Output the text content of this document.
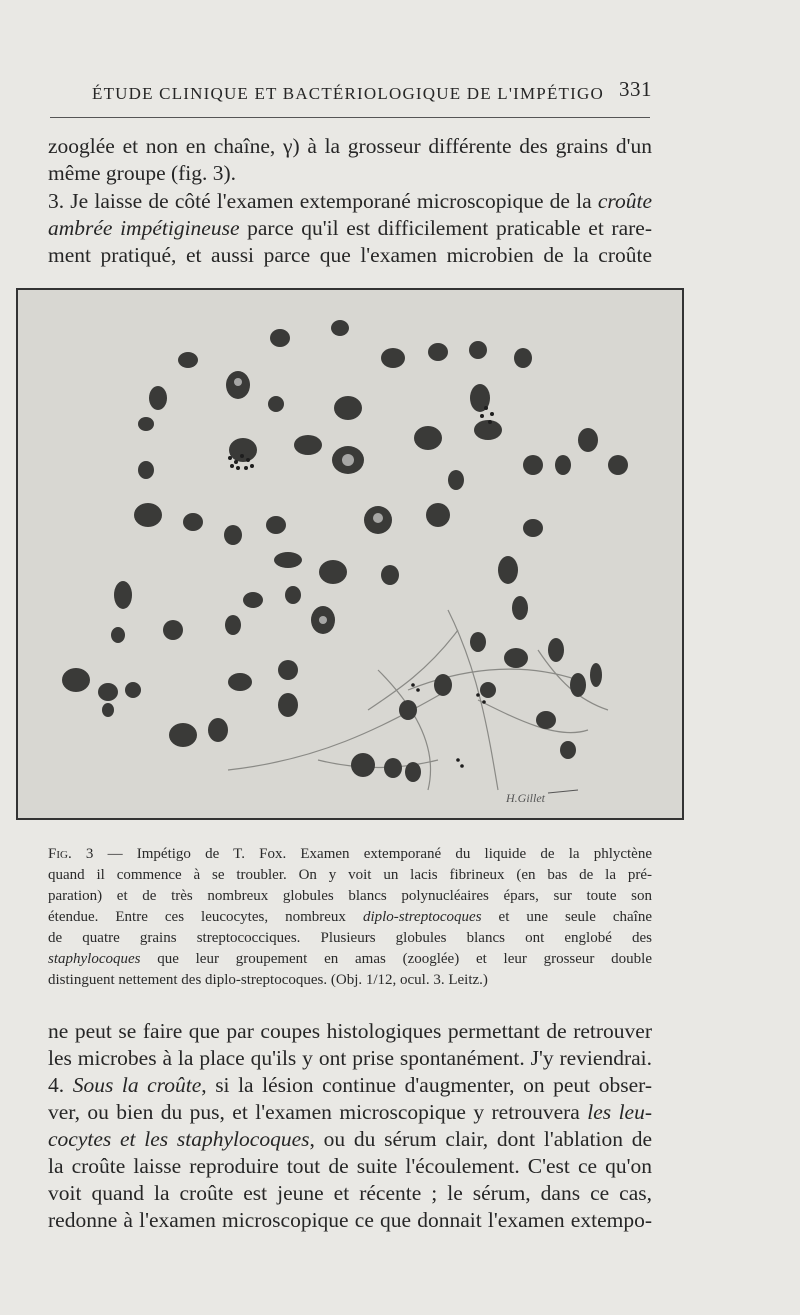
ÉTUDE CLINIQUE ET BACTÉRIOLOGIQUE DE L'IMPÉTIGO 331
zooglée et non en chaîne, γ) à la grosseur différente des grains d'un
même groupe (fig. 3).
3. Je laisse de côté l'examen extemporané microscopique de la croûte
ambrée impétigineuse parce qu'il est difficilement praticable et rare-
ment pratiqué, et aussi parce que l'examen microbien de la croûte
H.Gillet
Fig. 3 — Impétigo de T. Fox. Examen extemporané du liquide de la phlyctène
quand il commence à se troubler. On y voit un lacis fibrineux (en bas de la pré-
paration) et de très nombreux globules blancs polynucléaires épars, sur toute son
étendue. Entre ces leucocytes, nombreux diplo-streptocoques et une seule chaîne
de quatre grains streptococciques. Plusieurs globules blancs ont englobé des
staphylocoques que leur groupement en amas (zooglée) et leur grosseur double
distinguent nettement des diplo-streptocoques. (Obj. 1/12, ocul. 3. Leitz.)
ne peut se faire que par coupes histologiques permettant de retrouver
les microbes à la place qu'ils y ont prise spontanément. J'y reviendrai.
4. Sous la croûte, si la lésion continue d'augmenter, on peut obser-
ver, ou bien du pus, et l'examen microscopique y retrouvera les leu-
cocytes et les staphylocoques, ou du sérum clair, dont l'ablation de
la croûte laisse reproduire tout de suite l'écoulement. C'est ce qu'on
voit quand la croûte est jeune et récente ; le sérum, dans ce cas,
redonne à l'examen microscopique ce que donnait l'examen extempo-
